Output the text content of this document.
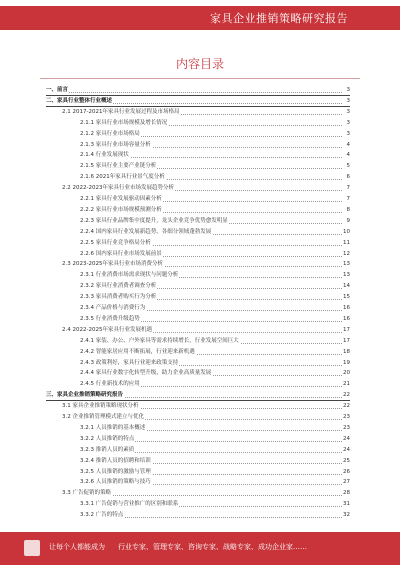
家具企业推销策略研究报告
内容目录
一、前言	3
二、家具行业整体行业概述	3
2.1 2017-2021年家具行业发展过程及市场格局	3
2.1.1 家具行业市场规模及增长情况	3
2.1.2 家具行业市场格局	3
2.1.3 家具行业市场容量分析	4
2.1.4 行业发展现状	4
2.1.5 家具行业主要产业链分析	5
2.1.6 2021年家具行业景气度分析	6
2.2 2022-2023年家具行业市场发展趋势分析	7
2.2.1 家具行业发展驱动因素分析	7
2.2.2 家具行业市场规模预测分析	8
2.2.3 家具行业品牌集中度提升，龙头企业竞争优势愈发明显	9
2.2.4 国内家具行业发展新趋势，各细分领域蓬勃发展	10
2.2.5 家具行业竞争格局分析	11
2.2.6 国内家具行业市场发展前景	12
2.3 2023-2025年家具行业市场消费分析	13
2.3.1 行业消费市场需求现状与问题分析	13
2.3.2 家具行业消费者调查分析	14
2.3.3 家具消费者购买行为分析	15
2.3.4 产品价格与消费行为	16
2.3.5 行业消费升级趋势	16
2.4 2022-2025年家具行业发展机遇	17
2.4.1 家装、办公、户外家具等需求持续增长，行业发展空间巨大	17
2.4.2 智能家居应用不断拓展，行业迎来新机遇	18
2.4.3 政策利好，家具行业迎来政策支持	19
2.4.4 家具行业数字化转型升级，助力企业高质量发展	20
2.4.5 行业新技术的应用	21
三、家具企业推销策略研究报告	22
3.1 家具企业推销策略现状分析	22
3.2 企业推销管理模式建立与优化	23
3.2.1 人员推销的基本概述	23
3.2.2 人员推销的特点	24
3.2.3 推销人员的素质	24
3.2.4 推销人员的招聘和培训	25
3.2.5 人员推销的激励与管理	26
3.2.6 人员推销的策略与技巧	27
3.3 广告促销的策略	28
3.3.1 广告促销与营业推广的区别和联系	31
3.3.2 广告的特点	32
让每个人都能成为 行业专家、管理专家、咨询专家、战略专家、成功企业家……
